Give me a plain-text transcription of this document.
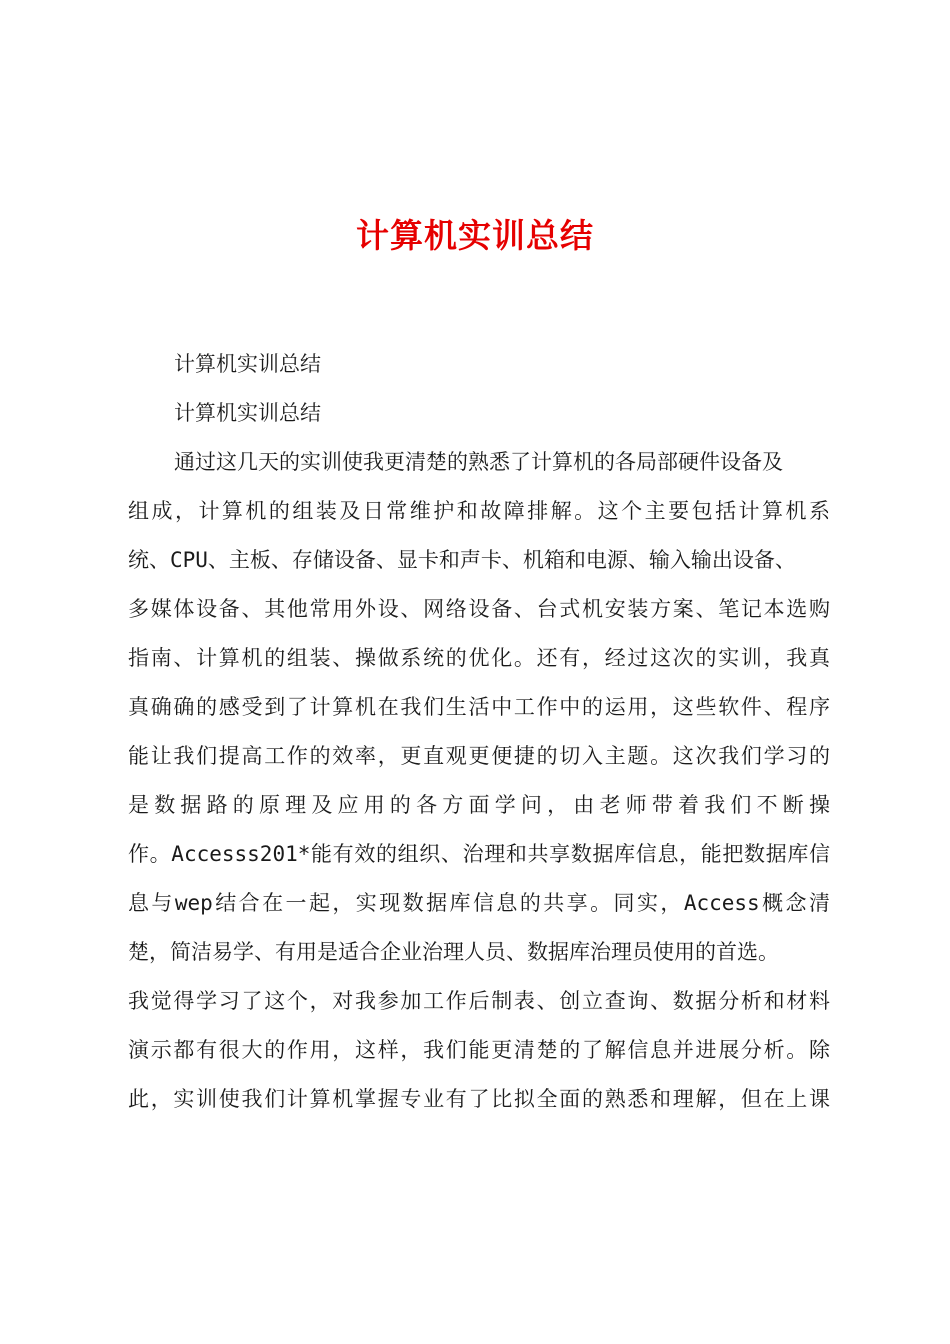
计算机实训总结
计算机实训总结
计算机实训总结
通过这几天的实训使我更清楚的熟悉了计算机的各局部硬件设备及
组成，计算机的组装及日常维护和故障排解。这个主要包括计算机系
统、CPU、主板、存储设备、显卡和声卡、机箱和电源、输入输出设备、
多媒体设备、其他常用外设、网络设备、台式机安装方案、笔记本选购
指南、计算机的组装、操做系统的优化。还有，经过这次的实训，我真
真确确的感受到了计算机在我们生活中工作中的运用，这些软件、程序
能让我们提高工作的效率，更直观更便捷的切入主题。这次我们学习的
是数据路的原理及应用的各方面学问，由老师带着我们不断操
作。Accesss201*能有效的组织、治理和共享数据库信息，能把数据库信
息与wep结合在一起，实现数据库信息的共享。同实，Access概念清
楚，简洁易学、有用是适合企业治理人员、数据库治理员使用的首选。
我觉得学习了这个，对我参加工作后制表、创立查询、数据分析和材料
演示都有很大的作用，这样，我们能更清楚的了解信息并进展分析。除
此，实训使我们计算机掌握专业有了比拟全面的熟悉和理解，但在上课
